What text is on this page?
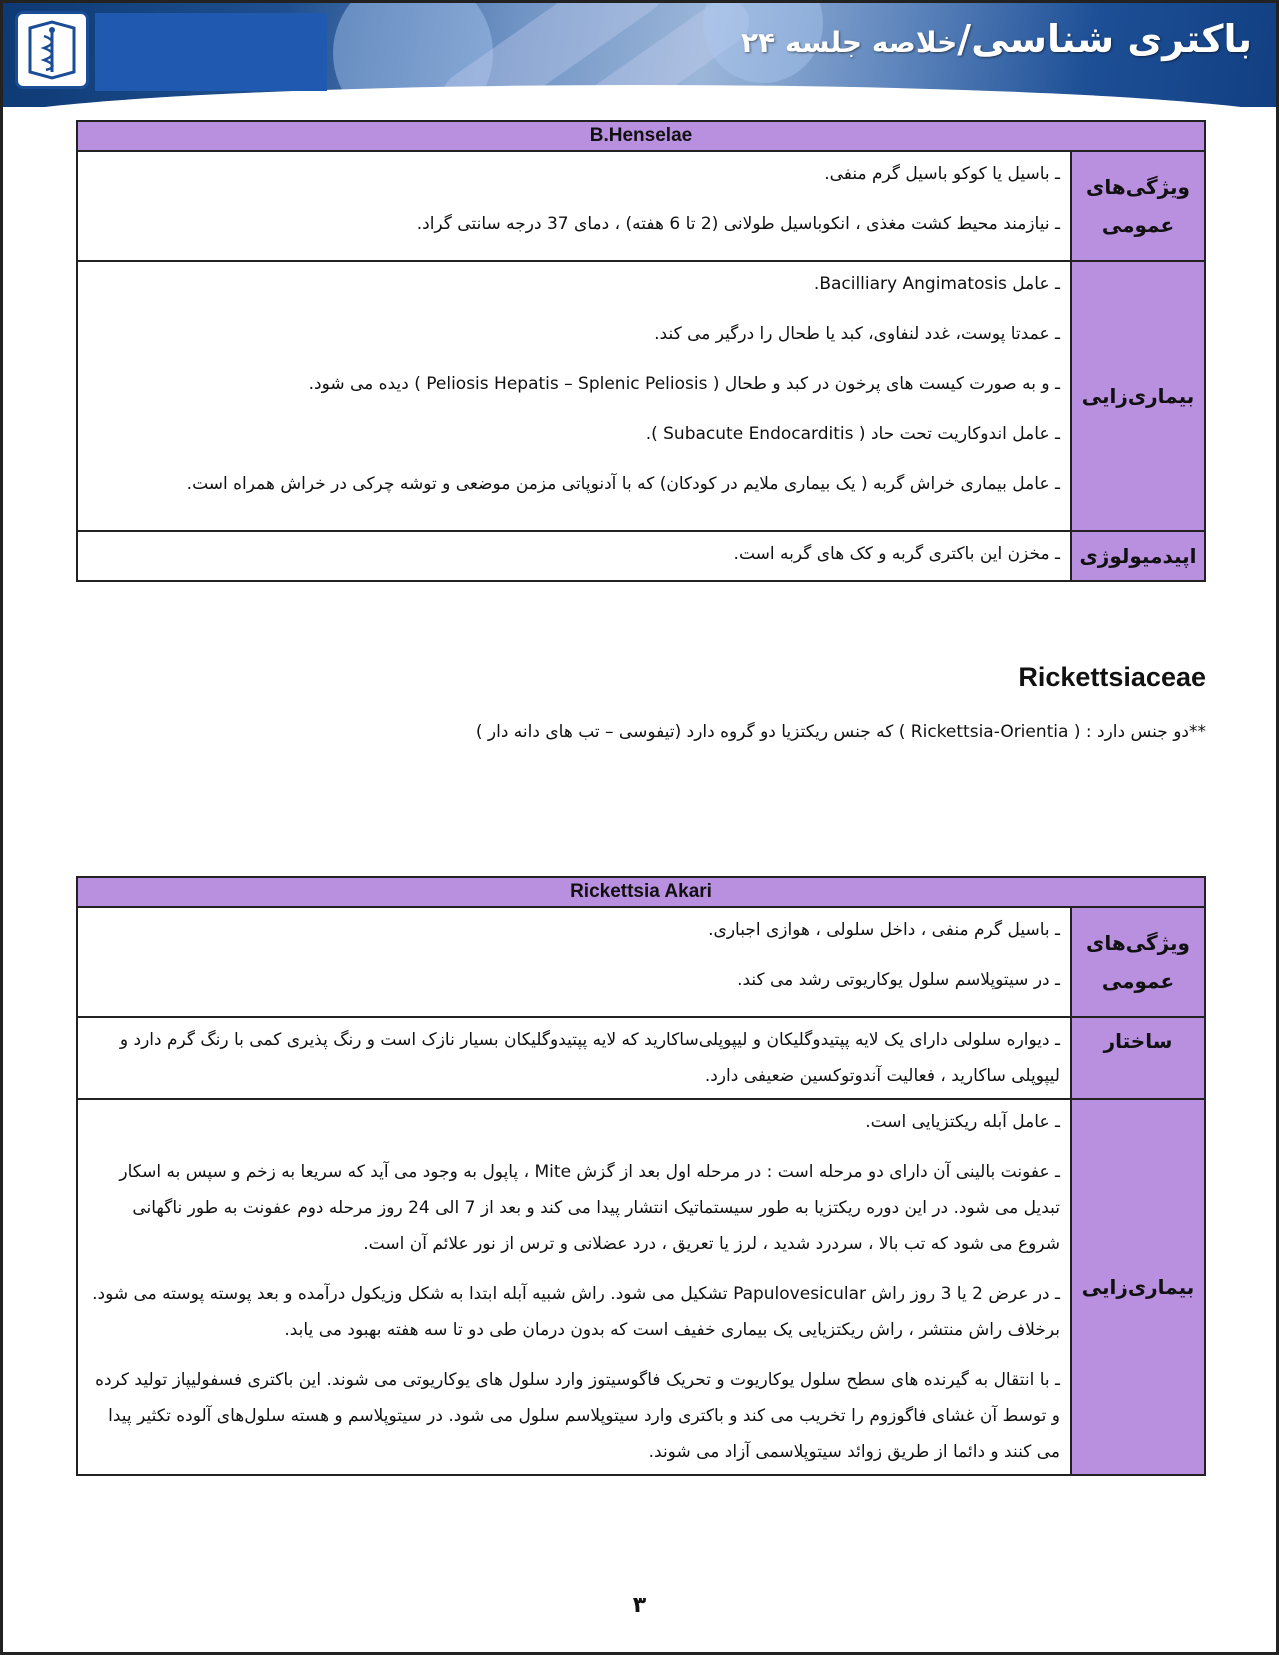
باکتری شناسی/خلاصه جلسه ۲۴
B.Henselae	
ویژگی‌های عمومی	ـ باسیل یا کوکو باسیل گرم منفی.

ـ نیازمند محیط کشت مغذی ، انکوباسیل طولانی (2 تا 6 هفته) ، دمای 37 درجه سانتی گراد.

بیماری‌زایی	ـ عامل Bacilliary Angimatosis.

ـ عمدتا پوست، غدد لنفاوی، کبد یا طحال را درگیر می کند.

ـ و به صورت کیست های پرخون در کبد و طحال ( Peliosis Hepatis – Splenic Peliosis ) دیده می شود.

ـ عامل اندوکاریت تحت حاد ( Subacute Endocarditis ).

ـ عامل بیماری خراش گربه ( یک بیماری ملایم در کودکان) که با آدنوپاتی مزمن موضعی و توشه چرکی در خراش همراه است.

اپیدمیولوژی	ـ مخزن این باکتری گربه و کک های گربه است.

Rickettsiaceae
**دو جنس دارد : ( Rickettsia-Orientia ) که جنس ریکتزیا دو گروه دارد (تیفوسی – تب های دانه دار )
Rickettsia Akari	
ویژگی‌های عمومی	ـ باسیل گرم منفی ، داخل سلولی ، هوازی اجباری.

ـ در سیتوپلاسم سلول یوکاریوتی رشد می کند.

ساختار	ـ دیواره سلولی دارای یک لایه پپتیدوگلیکان و لیپوپلی‌ساکارید که لایه پپتیدوگلیکان بسیار نازک است و رنگ پذیری کمی با رنگ گرم دارد و لیپوپلی ساکارید ، فعالیت آندوتوکسین ضعیفی دارد.

بیماری‌زایی	ـ عامل آبله ریکتزیایی است.

ـ عفونت بالینی آن دارای دو مرحله است : در مرحله اول بعد از گزش Mite ، پاپول به وجود می آید که سریعا به زخم و سپس به اسکار تبدیل می شود. در این دوره ریکتزیا به طور سیستماتیک انتشار پیدا می کند و بعد از 7 الی 24 روز مرحله دوم عفونت به طور ناگهانی شروع می شود که تب بالا ، سردرد شدید ، لرز یا تعریق ، درد عضلانی و ترس از نور علائم آن است.

ـ در عرض 2 یا 3 روز راش Papulovesicular تشکیل می شود. راش شبیه آبله ابتدا به شکل وزیکول درآمده و بعد پوسته پوسته می شود. برخلاف راش منتشر ، راش ریکتزیایی یک بیماری خفیف است که بدون درمان طی دو تا سه هفته بهبود می یابد.

ـ با انتقال به گیرنده های سطح سلول یوکاریوت و تحریک فاگوسیتوز وارد سلول های یوکاریوتی می شوند. این باکتری فسفولیپاز تولید کرده و توسط آن غشای فاگوزوم را تخریب می کند و باکتری وارد سیتوپلاسم سلول می شود. در سیتوپلاسم و هسته سلول‌های آلوده تکثیر پیدا می کنند و دائما از طریق زوائد سیتوپلاسمی آزاد می شوند.

۳
